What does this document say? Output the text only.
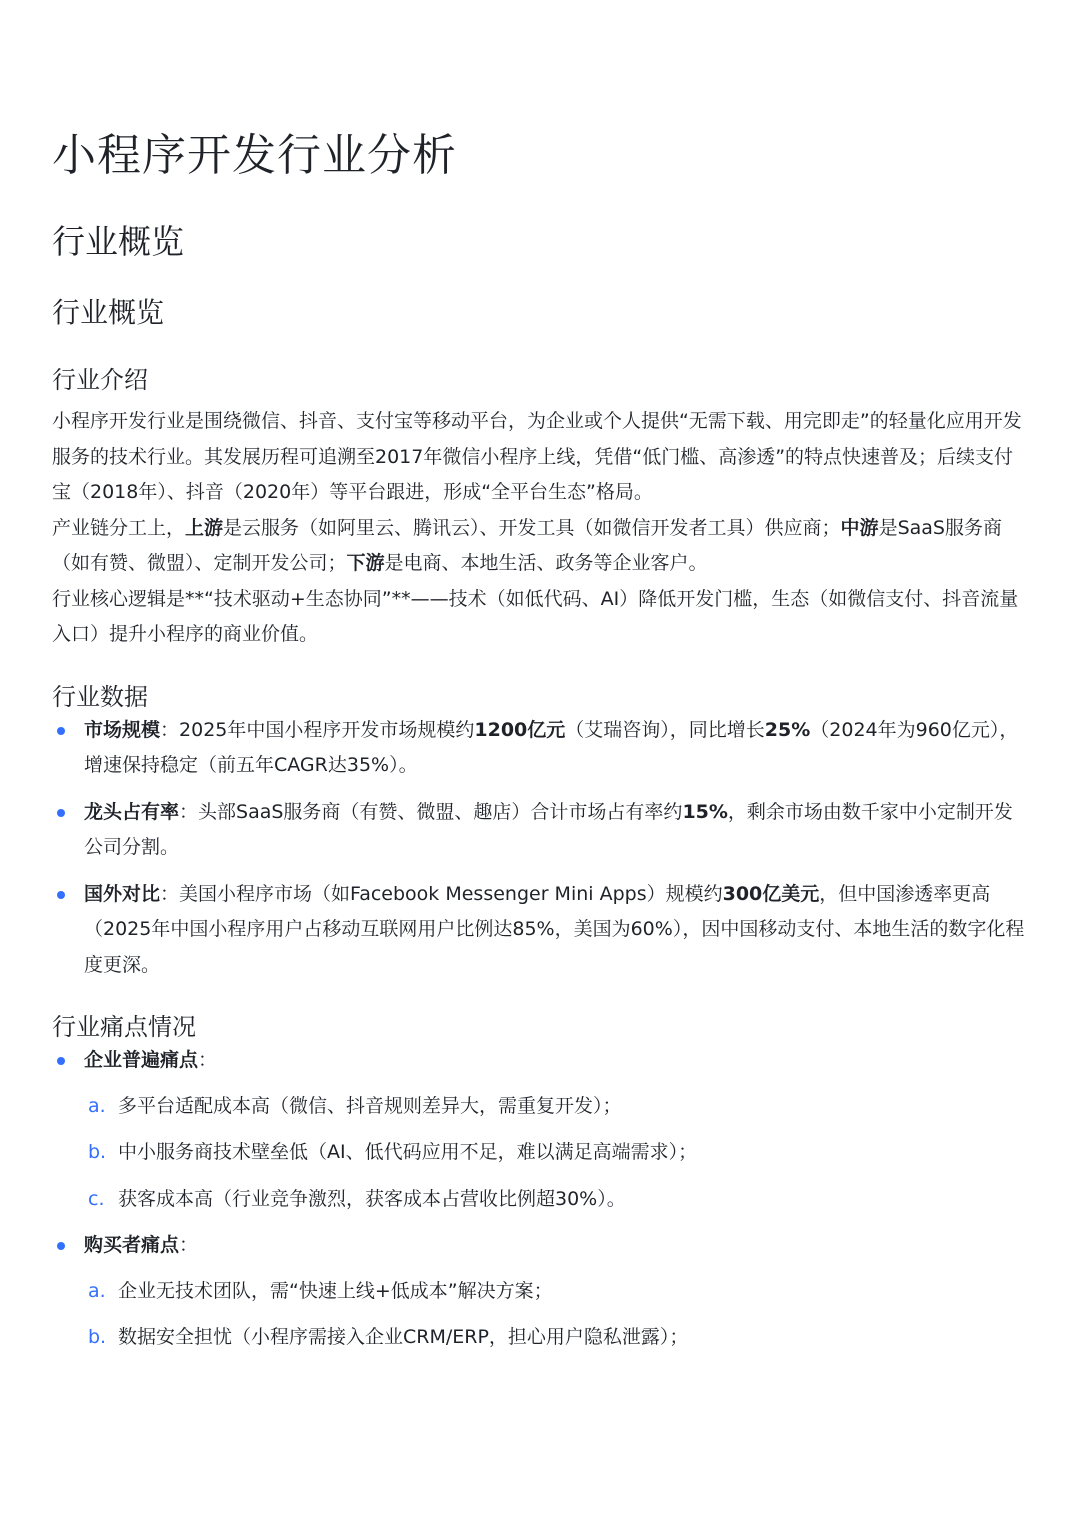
小程序开发行业分析
行业概览
行业概览
行业介绍

小程序开发行业是围绕微信、抖音、支付宝等移动平台，为企业或个人提供“无需下载、用完即走”的轻量化应用开发服务的技术行业。其发展历程可追溯至2017年微信小程序上线，凭借“低门槛、高渗透”的特点快速普及；后续支付宝（2018年）、抖音（2020年）等平台跟进，形成“全平台生态”格局。

产业链分工上，上游是云服务（如阿里云、腾讯云）、开发工具（如微信开发者工具）供应商；中游是SaaS服务商（如有赞、微盟）、定制开发公司；下游是电商、本地生活、政务等企业客户。

行业核心逻辑是**“技术驱动+生态协同”**——技术（如低代码、AI）降低开发门槛，生态（如微信支付、抖音流量入口）提升小程序的商业价值。

行业数据
市场规模：2025年中国小程序开发市场规模约1200亿元（艾瑞咨询），同比增长25%（2024年为960亿元），增速保持稳定（前五年CAGR达35%）。
龙头占有率：头部SaaS服务商（有赞、微盟、趣店）合计市场占有率约15%，剩余市场由数千家中小定制开发公司分割。
国外对比：美国小程序市场（如Facebook Messenger Mini Apps）规模约300亿美元，但中国渗透率更高（2025年中国小程序用户占移动互联网用户比例达85%，美国为60%），因中国移动支付、本地生活的数字化程度更深。
行业痛点情况
企业普遍痛点：
a. 多平台适配成本高（微信、抖音规则差异大，需重复开发）；
b. 中小服务商技术壁垒低（AI、低代码应用不足，难以满足高端需求）；
c. 获客成本高（行业竞争激烈，获客成本占营收比例超30%）。
购买者痛点：
a. 企业无技术团队，需“快速上线+低成本”解决方案；
b. 数据安全担忧（小程序需接入企业CRM/ERP，担心用户隐私泄露）；
